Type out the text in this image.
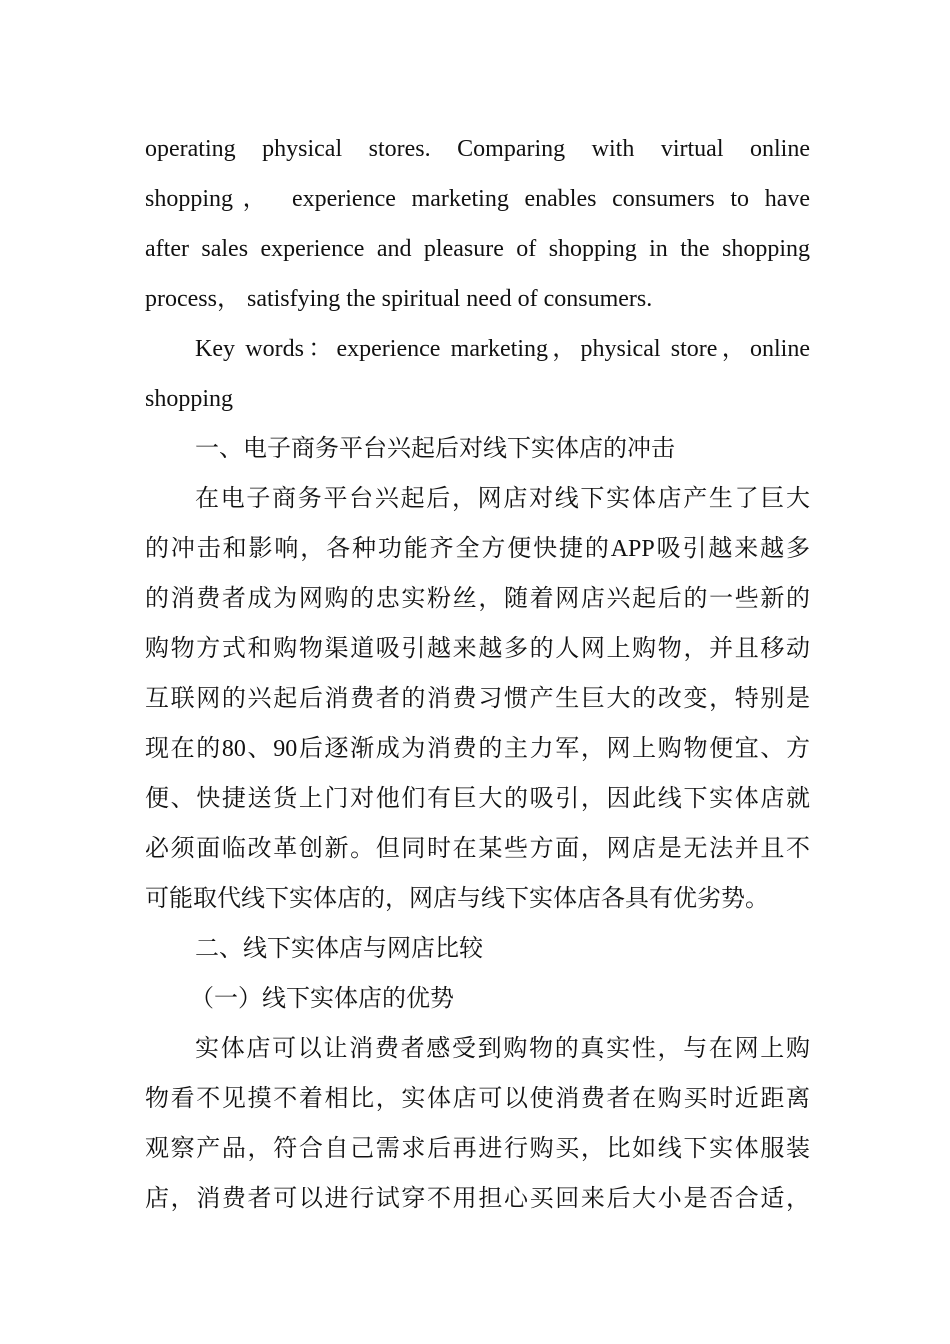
operating physical stores. Comparing with virtual online
shopping， experience marketing enables consumers to have
after sales experience and pleasure of shopping in the shopping
process， satisfying the spiritual need of consumers.
Key words：experience marketing，physical store，online
shopping
一、电子商务平台兴起后对线下实体店的冲击
在电子商务平台兴起后，网店对线下实体店产生了巨大
的冲击和影响，各种功能齐全方便快捷的APP吸引越来越多
的消费者成为网购的忠实粉丝，随着网店兴起后的一些新的
购物方式和购物渠道吸引越来越多的人网上购物，并且移动
互联网的兴起后消费者的消费习惯产生巨大的改变，特别是
现在的80、90后逐渐成为消费的主力军，网上购物便宜、方
便、快捷送货上门对他们有巨大的吸引，因此线下实体店就
必须面临改革创新。但同时在某些方面，网店是无法并且不
可能取代线下实体店的，网店与线下实体店各具有优劣势。
二、线下实体店与网店比较
（一）线下实体店的优势
实体店可以让消费者感受到购物的真实性，与在网上购
物看不见摸不着相比，实体店可以使消费者在购买时近距离
观察产品，符合自己需求后再进行购买，比如线下实体服装
店，消费者可以进行试穿不用担心买回来后大小是否合适，
